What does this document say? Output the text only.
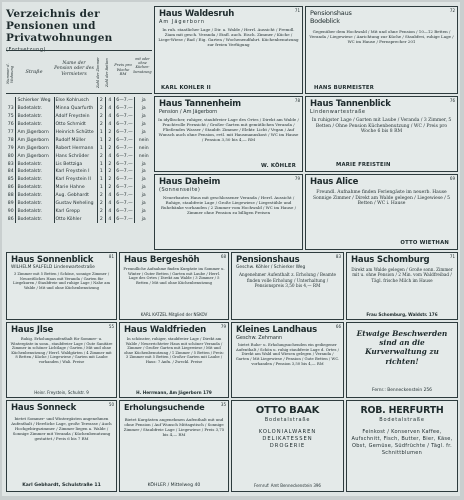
Verzeichnis der Pensionen und Privatwohnungen
(Fortsetzung)
Nummer d. Wohnung	Straße
Name der Pension oder des Vermieters	Zahl der Zimmer	Zahl der Betten	Preis pro Woche RM
mit oder ohne Küchen-benutzung
	Schierker Weg	Else Kohlrusch	2	4	6—7.—	ja
73	Bodetalstr.	Minna Quarfurth	2	4	6—7.—	ja
75	Bodetalstr.	Adolf Freystein	2	4	6—7.—	ja
76	Bodetalstr.	Otto Schmidt	2	4	6—7.—	ja
77	Am Jägerborn	Heinrich Schütte	1	2	6—7.—	ja
78	Am Jägerborn	Rudolf Müller	1	2	6—7.—	nein
79	Am Jägerborn	Robert Hermann	1	2	6—7.—	nein
80	Am Jägerborn	Hans Schröder	2	4	6—7.—	nein
83	Bodetalstr.	Lis Bettziga	1	2	6—7.—	ja
84	Bodetalstr.	Karl Freystein I	1	2	6—7.—	ja
85	Bodetalstr.	Karl Freystein II	1	2	6—7.—	ja
86	Bodetalstr.	Marie Hahne	1	2	6—7.—	ja
88	Bodetalstr.	Aug. Gebhardt	2	4	6—7.—	ja
89	Bodetalstr.	Gustav Neheling	2	4	6—7.—	ja
90	Bodetalstr.	Karl Grepp	2	4	6—7.—	ja
86	Bodetalstr.	Otto Köhler	2	4	6—7.—	ja
71
Haus Waldesruh
Am Jägerborn
In ruh. staatlicher Lage / Dir. a. Walde / Herrl. Aussicht / Fremdl. Ziam mit gesch. Veranda / Einfl. auch. Eisch. Zimmer / Küche / Liege-Wiese / Bad / Eig. Garten / Wochenendfahrt. Küchenbenutzung zur freien Verfügung
KARL KOHLER II
72
Pensionshaus Bodeblick
Gegenüber dem Hochwald / Mit und ohne Pension / 10—12 Betten / Veranda / Liegewiese / Anrichtung zur Küche / Staubfrei, ruhige Lage / WC im Hause / Fernsprecher 201
HANS BURMEISTER
78
Haus Tannenheim
Pension / Am Jägerborn
In idyllischer, ruhiger, staubfreier Lage des Ortes / Direkt am Walde / Prachtvolle Fernsicht / Großer Garten mit gemütlichen Veranda / Fließendes Wasser / Staubfr. Zimmer / Elektr. Licht / Vegan / Auf Wunsch auch ohne Pension, evtl. mit Hausmannskost / WC im Hause / Pension 3,50 bis 4,— RM
W. KÖHLER
76
Haus Tannenblick
Lindenwartestraße
In ruhigster Lage / Garten mit Laube / Veranda / 3 Zimmer, 5 Betten / Ohne Pension Küchenbenutzung / WC / Preis pro Woche 6 bis 8 RM
MARIE FREISTEIN
79
Haus Daheim
(Sonnenseite)
Neuerbautes Haus mit geschlossener Veranda / Herrl. Aussicht / Ruhige, staubfreie Lage / Große Liegewiese / Liegestühle und Ruhebänke vorhanden / 2 Zimmer vom Hochwald / WC im Hause / Zimmer ohne Pension zu billigen Preisen
69
Haus Alice
Freundl. Aufnahme finden Feriengäste im neuerb. Hause Sonnige Zimmer / Direkt am Walde gelegen / Liegewiese / 5 Betten / WC i. Hause
OTTO WIETHAN
81
Haus Sonnenblick
WILHELM SALFELD Lindenwartestraße
3 Zimmer mit 5 Betten / Schöne, sonnige Zimmer / Neuzeitliches Haus mit Veranda / Garten für Liegekuren / Staubfreie und ruhige Lage / Nahe am Walde / Mit und ohne Küchenbenutzung
68
Haus Bergeshöh
Freundliche Aufnahme finden Kurgäste im Sommer u. Winter / Guter Betten / Garten mit Laube / Herrl. Lage des Ortes / Direkt am Walde / 3 Zimmer / 5 Betten / Mit und ohne Küchenbenutzung
KARL KATZEL Mitglied der NSKOV
55
Haus Jlse
Ruhig. Erholungsaufenthalt für Sommer- u. Wintergäste in sonn., staubfreier Lage / Gute Sanitäre Zimmer in schöner Lichtlage / Garten / Mit und ohne Küchenbenutzung / Herrl. Waldgärten / 4 Zimmer mit 8 Betten / Küche / Liegewiese / Garten mit Laube vorhanden / Wali. Preise
Heinr. Freystein, Schulstr. 9
79
Haus Waldfrieden
In schönster, ruhiger, staubfreier Lage / Direkt am Walde / Neuerrichteter Haus mit schöner Veranda / Zimmer / Großer Garten mit Liegewiese / Mit und ohne Küchenbenutzung / 1 Zimmer / 5 Betten / Preis: 3 Zimmer mit 5 Betten / Großer Garten mit Laube / Haus: 7 Anfn. / Zweckl. Preise
H. Herrmann, Am Jägerborn 179
50
Haus Sonneck
bietet Sommer- und Wintergästen angenehmen Aufenthalt / Herrliche Lage, große Terrasse / Auch Hochgebirgszimmer / Zimmer liegen a. Walde / Sonnige Zimmer mit Veranda / Küchenbenutzung gestattet / Preis 6 bis 7 RM
Karl Gebhardt, Schulstraße 11
35
Erholungsuchende
Bietet Kurgästen angenehmen Aufenthalt mit und ohne Pension / Auf Wunsch Mittagstisch / Sonnige Zimmer / Staubfreie Lage / Liegewiese / Preis 3,75 bis 4,— RM
KÖHLER / Mittelweg 40
83
Pensionshaus
Geschw. Köhler / Schierker Weg
Angenehmer Aufenthalt z. Erholung / Beamte finden volle Erholung / Unterhaltung / Pensionspreis 3,50 bis 4,— RM
71
Haus Schomburg
Direkt am Walde gelegen / Große sonn. Zimmer mit u. ohne Pension / 2 Min. vom Waldfreibad / Tägl. frische Milch im Hause
Frau Schomburg, Waldstr. 176
66
Kleines Landhaus
Geschw. Zehmann
bietet Ruhe- u. Erholungsuchenden ein gediegener Aufenthalt / Schön u. ruhig staubfreie Lage d. Ortes / Direkt am Wald und Wiesen gelegen / Veranda / Garten / Mit Liegewiese / Pension / Gute Betten / WC. vorhanden / Pension 3,50 bis 4,— RM
Etwaige Beschwerden sind an die Kurverwaltung zu richten!
Fernr.: Benneckenstein 256
OTTO BAAK
Bodetalstraße
KOLONIALWAREN
DELIKATESSEN
DROGERIE
Fernruf: Amt Benneckenstein 396
ROB. HERFURTH
Bodetalstraße
Feinkost / Konserven Kaffee, Aufschnitt, Fisch, Butter, Bier, Käse, Obst, Gemüse, Südfrüchte / Tägl. fr. Schnittblumen
